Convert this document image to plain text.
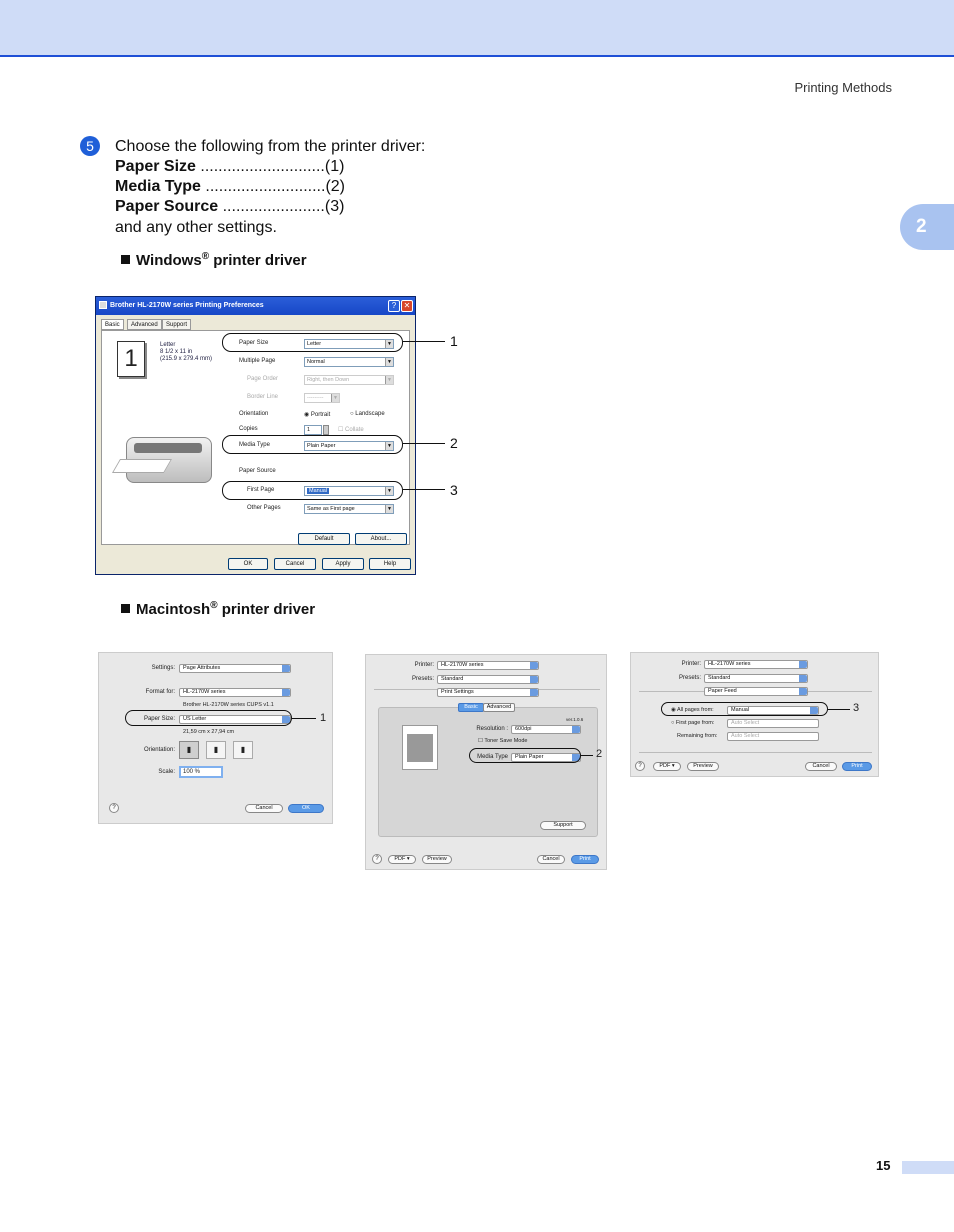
Printing Methods
2
5	Choose the following from the printer driver:
Paper Size ............................(1)
Media Type ...........................(2)
Paper Source .......................(3)
and any other settings.
Windows® printer driver
Brother HL-2170W series Printing Preferences	? ✕
Basic	Advanced	Support
1	Letter
8 1/2 x 11 in
(215.9 x 279.4 mm)
Paper Size	Letter	▼
Multiple Page	Normal	▼
Page Order	Right, then Down	▼
Border Line	---------	▼
Orientation	◉ Portrait	○ Landscape
Copies	1	☐ Collate
Media Type	Plain Paper	▼
Paper Source
First Page	Manual	▼
Other Pages	Same as First page	▼
Default	About...
OK	Cancel	Apply	Help
1
2
3
Macintosh® printer driver
Settings:	Page Attributes
Format for:	HL-2170W series
Brother HL-2170W series CUPS v1.1
Paper Size:	US Letter
21,59 cm x 27,94 cm
Orientation:	▮	▮	▮
Scale:	100 %
?	Cancel	OK
1
Printer:	HL-2170W series
Presets:	Standard
Print Settings
Basic	Advanced
ver.1.0.6
Resolution :	600dpi
☐ Toner Save Mode
Media Type	Plain Paper
Support
?	PDF ▾	Preview	Cancel	Print
2
Printer:	HL-2170W series
Presets:	Standard
Paper Feed
◉ All pages from:	Manual
○ First page from:	Auto Select
Remaining from:	Auto Select
?	PDF ▾	Preview	Cancel	Print
3
15
